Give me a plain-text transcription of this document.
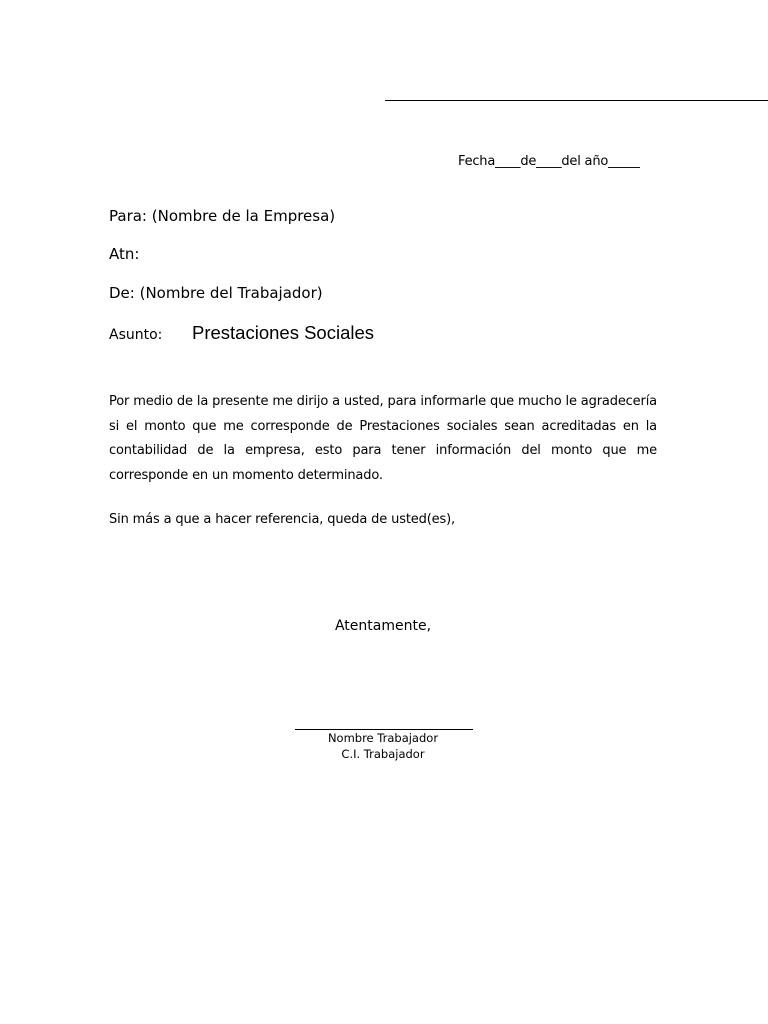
Fecha____de____del año_____
Para: (Nombre de la Empresa)
Atn:
De: (Nombre del Trabajador)
Asunto: Prestaciones Sociales

Por medio de la presente me dirijo a usted, para informarle que mucho le agradecería si el monto que me corresponde de Prestaciones sociales sean acreditadas en la contabilidad de la empresa, esto para tener información del monto que me corresponde en un momento determinado.

Sin más a que a hacer referencia, queda de usted(es),
Atentamente,
Nombre Trabajador
C.I. Trabajador
